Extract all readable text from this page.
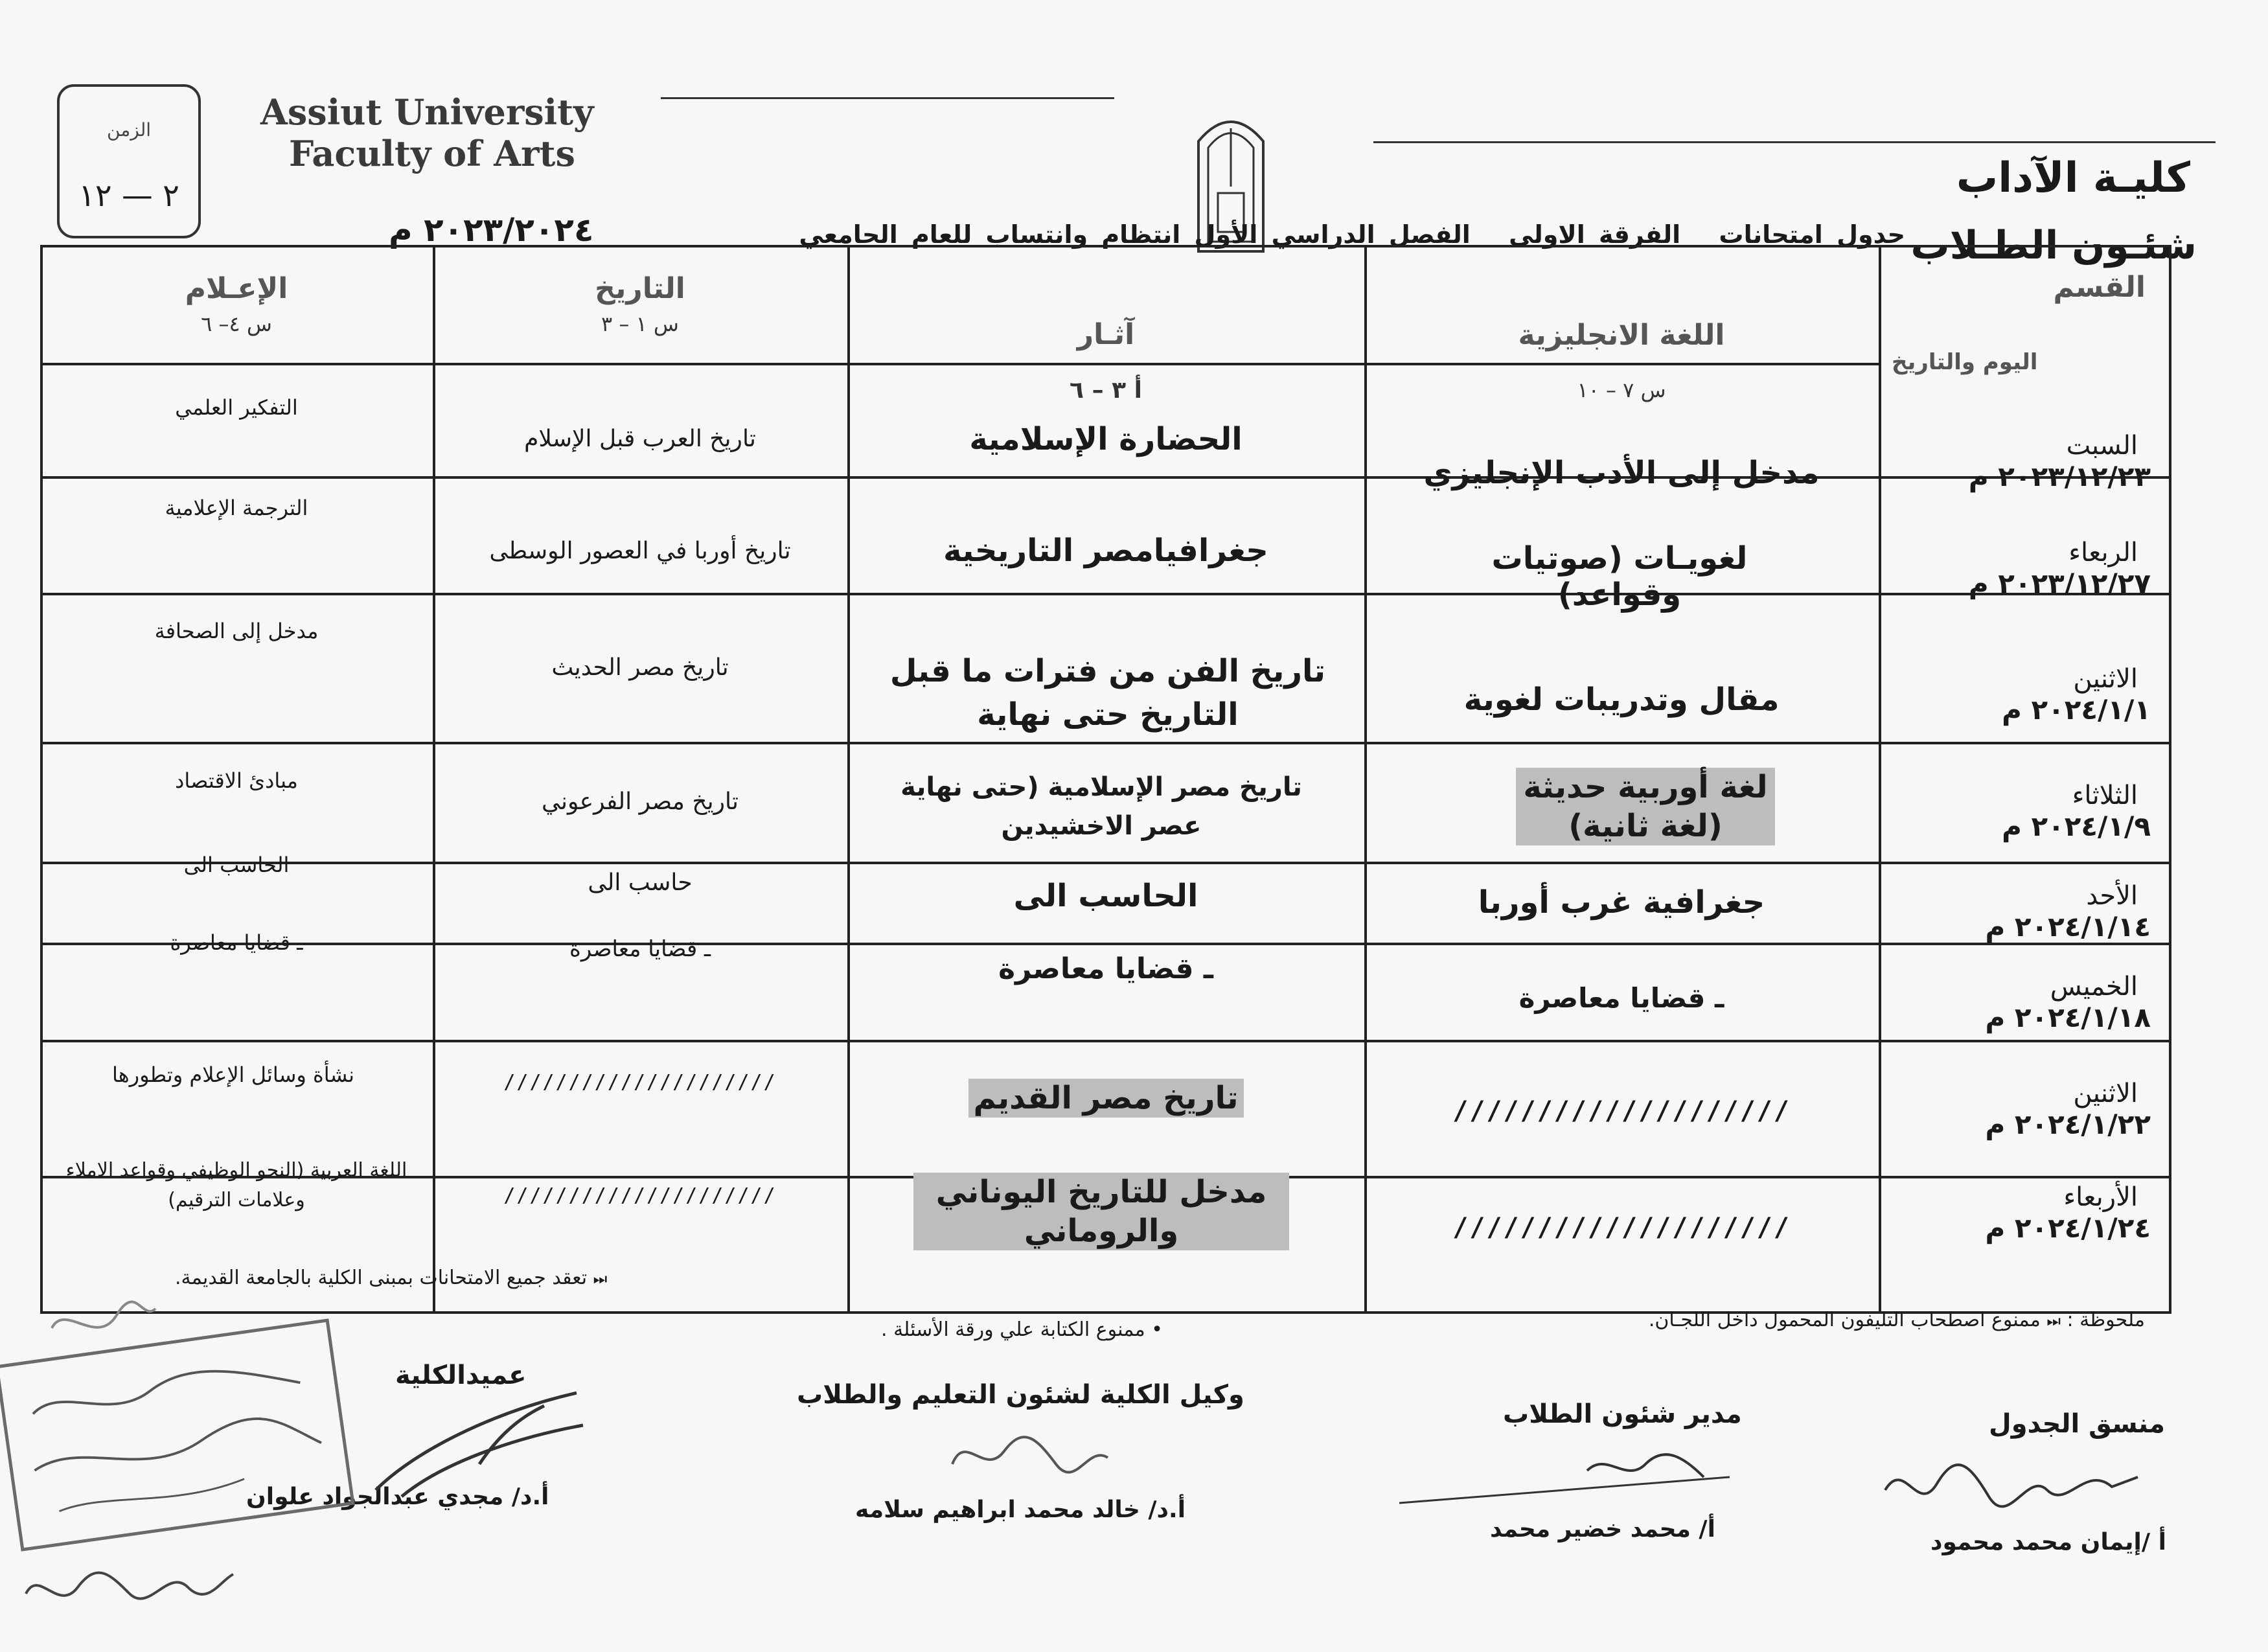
الزمن
٢ — ١٢
Assiut University
Faculty of Arts
كليـة الآداب
شئـون الطـلاب
جدول امتحانات الفرقة الاولى الفصل الدراسي الأول انتظام وانتساب للعام الجامعي
٢٠٢٣/٢٠٢٤ م
القسم
اليوم والتاريخ
اللغة الانجليزية
س ٧ – ١٠
آثـار
أ ٣ – ٦
التاريخ
س ١ – ٣
الإعـلام
س ٤– ٦
السبت
٢٠٢٣/١٢/٢٣ م
مدخل إلى الأدب الإنجليزي
الحضارة الإسلامية
تاريخ العرب قبل الإسلام
التفكير العلمي
الربعاء
٢٠٢٣/١٢/٢٧ م
لغويـات (صوتيات وقواعد)
جغرافيامصر التاريخية
تاريخ أوربا في العصور الوسطى
الترجمة الإعلامية
الاثنين
٢٠٢٤/١/١ م
مقال وتدريبات لغوية
تاريخ الفن من فترات ما قبل التاريخ حتى نهاية
تاريخ مصر الحديث
مدخل إلى الصحافة
الثلاثاء
٢٠٢٤/١/٩ م
لغة أوربية حديثة (لغة ثانية)
تاريخ مصر الإسلامية (حتى نهاية عصر الاخشيدين
تاريخ مصر الفرعوني
مبادئ الاقتصاد
الأحد
٢٠٢٤/١/١٤ م
جغرافية غرب أوربا
الحاسب الى
حاسب الى
الحاسب الى
الخميس
٢٠٢٤/١/١٨ م
ـ قضايا معاصرة
ـ قضايا معاصرة
ـ قضايا معاصرة
ـ قضايا معاصرة
الاثنين
٢٠٢٤/١/٢٢ م
////////////////////
تاريخ مصر القديم
/////////////////////
نشأة وسائل الإعلام وتطورها
الأربعاء
٢٠٢٤/١/٢٤ م
////////////////////
مدخل للتاريخ اليوناني والروماني
/////////////////////
اللغة العربية (النحو الوظيفي وقواعد الاملاء وعلامات الترقيم)
ملحوظة : ⏭ ممنوع اصطحاب التليفون المحمول داخل اللجـان.
⏭ تعقد جميع الامتحانات بمبنى الكلية بالجامعة القديمة.
• ممنوع الكتابة علي ورقة الأسئلة .
منسق الجدول
أ /إيمان محمد محمود
مدير شئون الطلاب
أ/ محمد خضير محمد
وكيل الكلية لشئون التعليم والطلاب
أ.د/ خالد محمد ابراهيم سلامه
عميدالكلية
أ.د/ مجدي عبدالجواد علوان
